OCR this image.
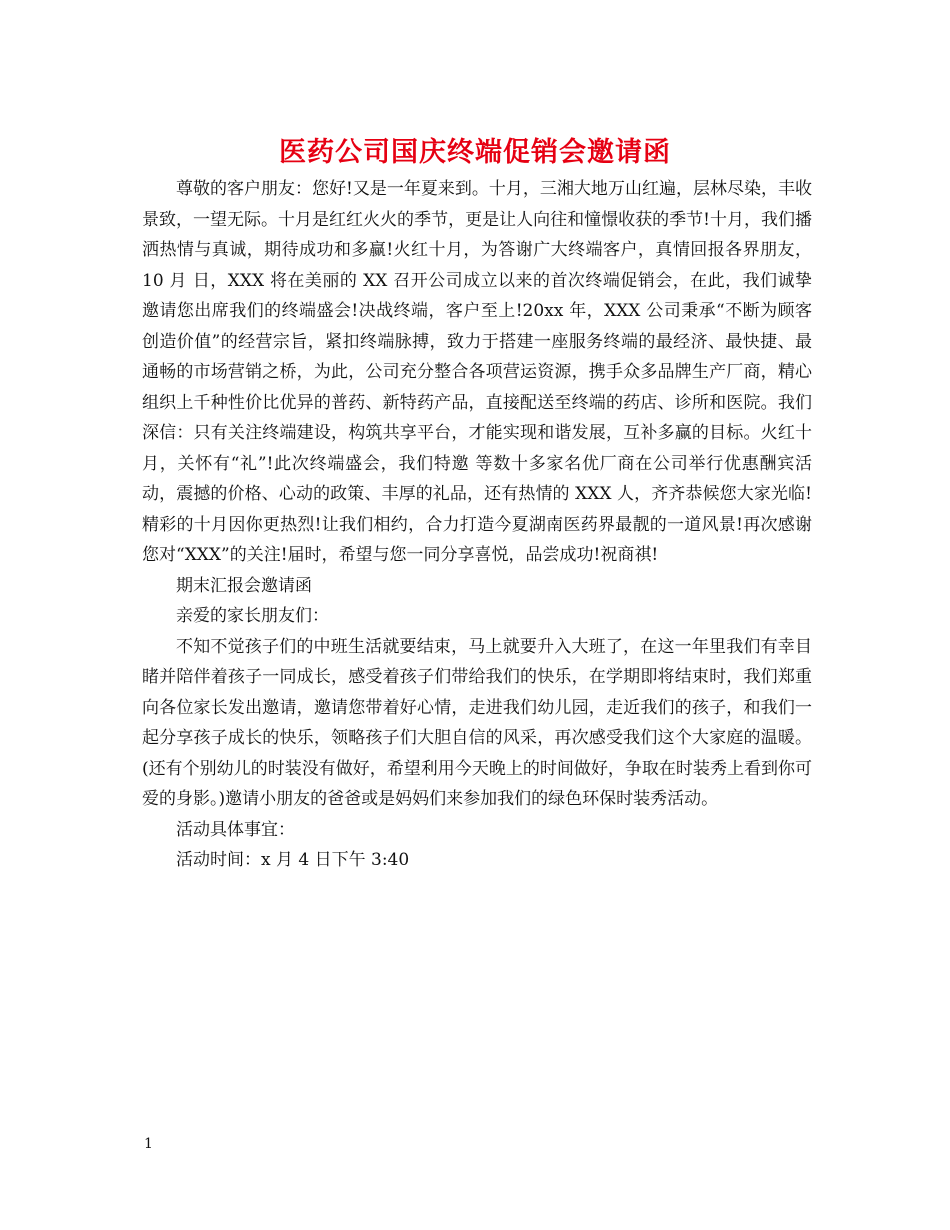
医药公司国庆终端促销会邀请函

尊敬的客户朋友：您好!又是一年夏来到。十月，三湘大地万山红遍，层林尽染，丰收景致，一望无际。十月是红红火火的季节，更是让人向往和憧憬收获的季节!十月，我们播洒热情与真诚，期待成功和多赢!火红十月，为答谢广大终端客户，真情回报各界朋友，10 月 日，XXX 将在美丽的 XX 召开公司成立以来的首次终端促销会，在此，我们诚挚邀请您出席我们的终端盛会!决战终端，客户至上!20xx 年，XXX 公司秉承“不断为顾客创造价值”的经营宗旨，紧扣终端脉搏，致力于搭建一座服务终端的最经济、最快捷、最通畅的市场营销之桥，为此，公司充分整合各项营运资源，携手众多品牌生产厂商，精心组织上千种性价比优异的普药、新特药产品，直接配送至终端的药店、诊所和医院。我们深信：只有关注终端建设，构筑共享平台，才能实现和谐发展，互补多赢的目标。火红十月，关怀有“礼”!此次终端盛会，我们特邀 等数十多家名优厂商在公司举行优惠酬宾活动，震撼的价格、心动的政策、丰厚的礼品，还有热情的 XXX 人，齐齐恭候您大家光临!精彩的十月因你更热烈!让我们相约，合力打造今夏湖南医药界最靓的一道风景!再次感谢您对“XXX”的关注!届时，希望与您一同分享喜悦，品尝成功!祝商祺!

期末汇报会邀请函

亲爱的家长朋友们：

不知不觉孩子们的中班生活就要结束，马上就要升入大班了，在这一年里我们有幸目睹并陪伴着孩子一同成长，感受着孩子们带给我们的快乐，在学期即将结束时，我们郑重向各位家长发出邀请，邀请您带着好心情，走进我们幼儿园，走近我们的孩子，和我们一起分享孩子成长的快乐，领略孩子们大胆自信的风采，再次感受我们这个大家庭的温暖。(还有个别幼儿的时装没有做好，希望利用今天晚上的时间做好，争取在时装秀上看到你可爱的身影。)邀请小朋友的爸爸或是妈妈们来参加我们的绿色环保时装秀活动。

活动具体事宜：

活动时间：x 月 4 日下午 3:40

1
